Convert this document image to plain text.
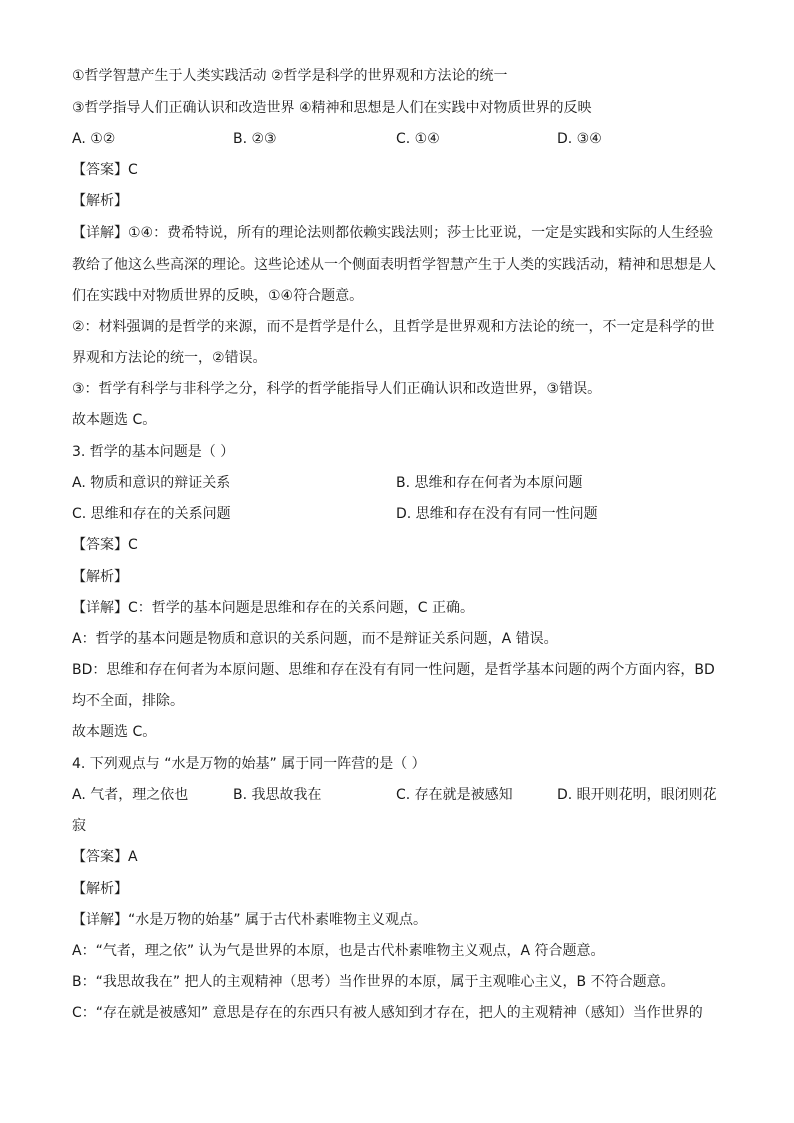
①哲学智慧产生于人类实践活动 ②哲学是科学的世界观和方法论的统一
③哲学指导人们正确认识和改造世界 ④精神和思想是人们在实践中对物质世界的反映
A. ①②	B. ②③	C. ①④	D. ③④
【答案】C
【解析】
【详解】①④：费希特说，所有的理论法则都依赖实践法则；莎士比亚说，一定是实践和实际的人生经验
教给了他这么些高深的理论。这些论述从一个侧面表明哲学智慧产生于人类的实践活动，精神和思想是人
们在实践中对物质世界的反映，①④符合题意。
②：材料强调的是哲学的来源，而不是哲学是什么，且哲学是世界观和方法论的统一，不一定是科学的世
界观和方法论的统一，②错误。
③：哲学有科学与非科学之分，科学的哲学能指导人们正确认识和改造世界，③错误。
故本题选 C。
3. 哲学的基本问题是（ ）
A. 物质和意识的辩证关系	B. 思维和存在何者为本原问题
C. 思维和存在的关系问题	D. 思维和存在没有有同一性问题
【答案】C
【解析】
【详解】C：哲学的基本问题是思维和存在的关系问题，C 正确。
A：哲学的基本问题是物质和意识的关系问题，而不是辩证关系问题，A 错误。
BD：思维和存在何者为本原问题、思维和存在没有有同一性问题，是哲学基本问题的两个方面内容，BD
均不全面，排除。
故本题选 C。
4. 下列观点与 “水是万物的始基” 属于同一阵营的是（ ）
A. 气者，理之依也	B. 我思故我在	C. 存在就是被感知	D. 眼开则花明，眼闭则花
寂
【答案】A
【解析】
【详解】“水是万物的始基” 属于古代朴素唯物主义观点。
A：“气者，理之依” 认为气是世界的本原，也是古代朴素唯物主义观点，A 符合题意。
B：“我思故我在” 把人的主观精神（思考）当作世界的本原，属于主观唯心主义，B 不符合题意。
C：“存在就是被感知” 意思是存在的东西只有被人感知到才存在，把人的主观精神（感知）当作世界的
